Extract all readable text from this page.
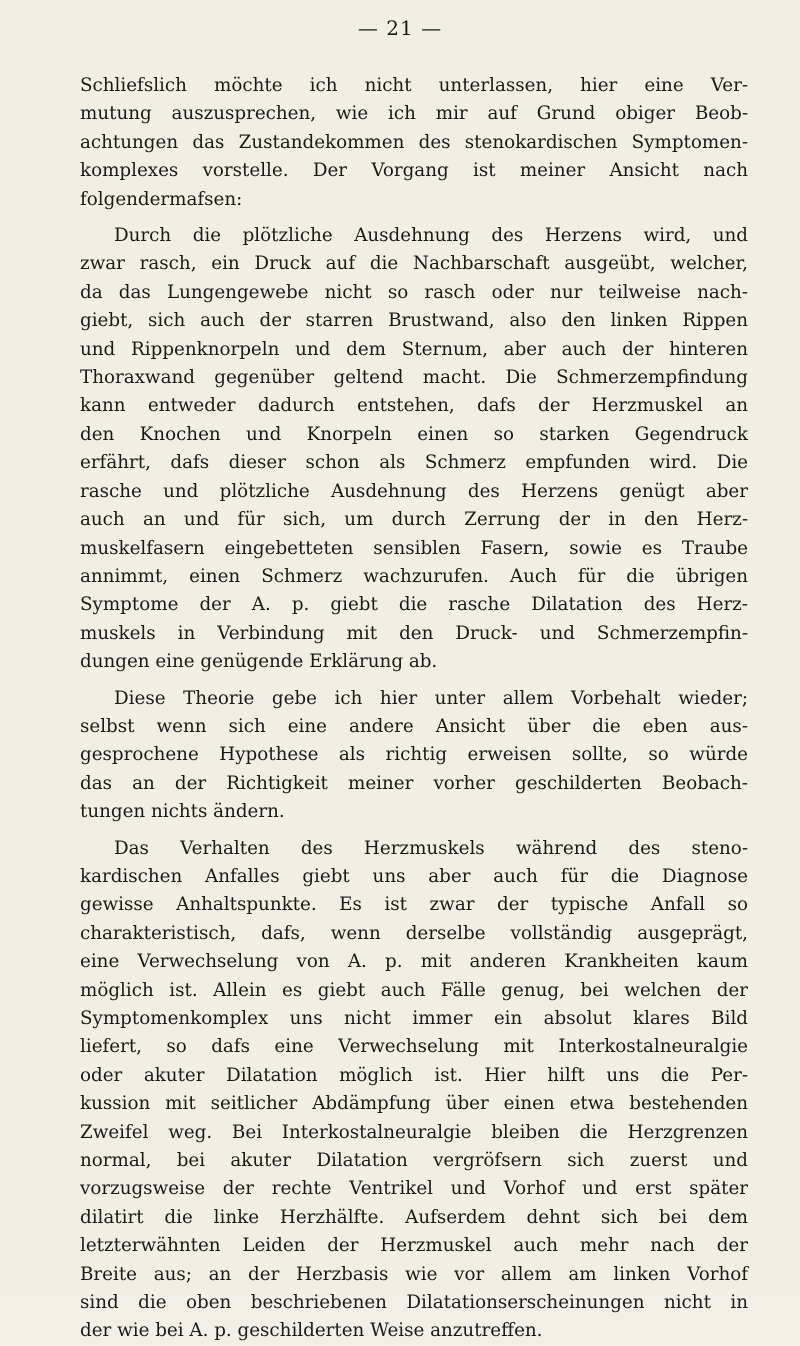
— 21 —

Schliefslich möchte ich nicht unterlassen, hier eine Ver-
mutung auszusprechen, wie ich mir auf Grund obiger Beob-
achtungen das Zustandekommen des stenokardischen Symptomen-
komplexes vorstelle. Der Vorgang ist meiner Ansicht nach
folgendermafsen:

Durch die plötzliche Ausdehnung des Herzens wird, und
zwar rasch, ein Druck auf die Nachbarschaft ausgeübt, welcher,
da das Lungengewebe nicht so rasch oder nur teilweise nach-
giebt, sich auch der starren Brustwand, also den linken Rippen
und Rippenknorpeln und dem Sternum, aber auch der hinteren
Thoraxwand gegenüber geltend macht. Die Schmerzempfindung
kann entweder dadurch entstehen, dafs der Herzmuskel an
den Knochen und Knorpeln einen so starken Gegendruck
erfährt, dafs dieser schon als Schmerz empfunden wird. Die
rasche und plötzliche Ausdehnung des Herzens genügt aber
auch an und für sich, um durch Zerrung der in den Herz-
muskelfasern eingebetteten sensiblen Fasern, sowie es Traube
annimmt, einen Schmerz wachzurufen. Auch für die übrigen
Symptome der A. p. giebt die rasche Dilatation des Herz-
muskels in Verbindung mit den Druck- und Schmerzempfin-
dungen eine genügende Erklärung ab.

Diese Theorie gebe ich hier unter allem Vorbehalt wieder;
selbst wenn sich eine andere Ansicht über die eben aus-
gesprochene Hypothese als richtig erweisen sollte, so würde
das an der Richtigkeit meiner vorher geschilderten Beobach-
tungen nichts ändern.

Das Verhalten des Herzmuskels während des steno-
kardischen Anfalles giebt uns aber auch für die Diagnose
gewisse Anhaltspunkte. Es ist zwar der typische Anfall so
charakteristisch, dafs, wenn derselbe vollständig ausgeprägt,
eine Verwechselung von A. p. mit anderen Krankheiten kaum
möglich ist. Allein es giebt auch Fälle genug, bei welchen der
Symptomenkomplex uns nicht immer ein absolut klares Bild
liefert, so dafs eine Verwechselung mit Interkostalneuralgie
oder akuter Dilatation möglich ist. Hier hilft uns die Per-
kussion mit seitlicher Abdämpfung über einen etwa bestehenden
Zweifel weg. Bei Interkostalneuralgie bleiben die Herzgrenzen
normal, bei akuter Dilatation vergröfsern sich zuerst und
vorzugsweise der rechte Ventrikel und Vorhof und erst später
dilatirt die linke Herzhälfte. Aufserdem dehnt sich bei dem
letzterwähnten Leiden der Herzmuskel auch mehr nach der
Breite aus; an der Herzbasis wie vor allem am linken Vorhof
sind die oben beschriebenen Dilatationserscheinungen nicht in
der wie bei A. p. geschilderten Weise anzutreffen.
